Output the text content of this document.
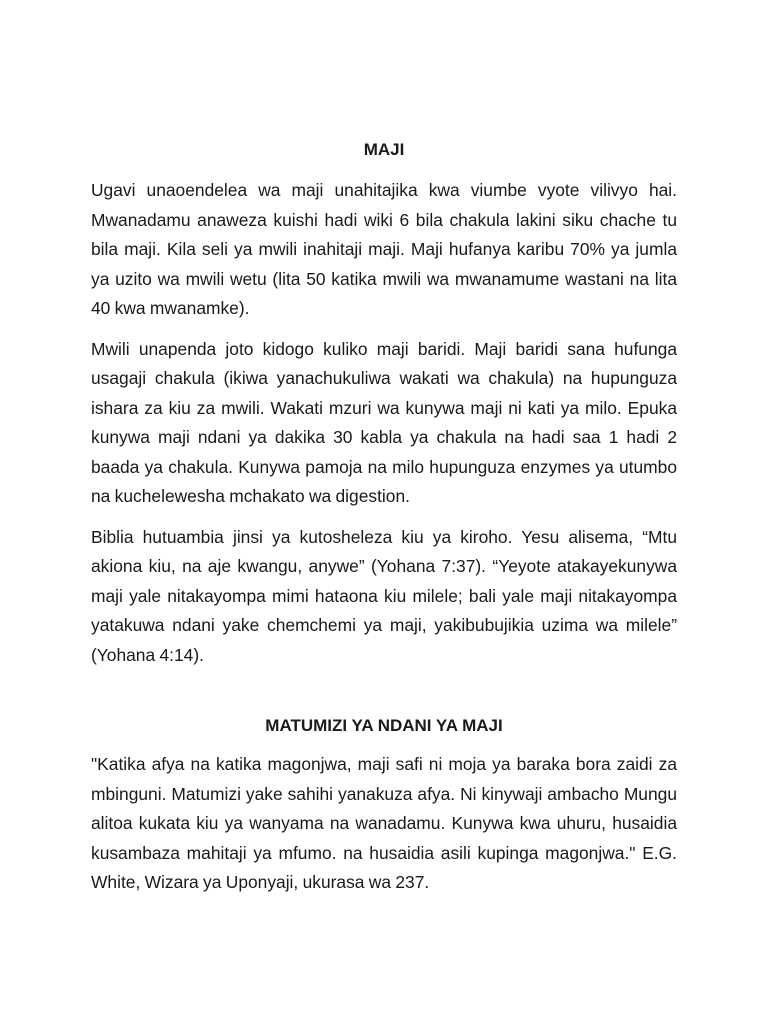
MAJI

Ugavi unaoendelea wa maji unahitajika kwa viumbe vyote vilivyo hai. Mwanadamu anaweza kuishi hadi wiki 6 bila chakula lakini siku chache tu bila maji. Kila seli ya mwili inahitaji maji. Maji hufanya karibu 70% ya jumla ya uzito wa mwili wetu (lita 50 katika mwili wa mwanamume wastani na lita 40 kwa mwanamke).

Mwili unapenda joto kidogo kuliko maji baridi. Maji baridi sana hufunga usagaji chakula (ikiwa yanachukuliwa wakati wa chakula) na hupunguza ishara za kiu za mwili. Wakati mzuri wa kunywa maji ni kati ya milo. Epuka kunywa maji ndani ya dakika 30 kabla ya chakula na hadi saa 1 hadi 2 baada ya chakula. Kunywa pamoja na milo hupunguza enzymes ya utumbo na kuchelewesha mchakato wa digestion.

Biblia hutuambia jinsi ya kutosheleza kiu ya kiroho. Yesu alisema, “Mtu akiona kiu, na aje kwangu, anywe” (Yohana 7:37). “Yeyote atakayekunywa maji yale nitakayompa mimi hataona kiu milele; bali yale maji nitakayompa yatakuwa ndani yake chemchemi ya maji, yakibubujikia uzima wa milele” (Yohana 4:14).

MATUMIZI YA NDANI YA MAJI

"Katika afya na katika magonjwa, maji safi ni moja ya baraka bora zaidi za mbinguni. Matumizi yake sahihi yanakuza afya. Ni kinywaji ambacho Mungu alitoa kukata kiu ya wanyama na wanadamu. Kunywa kwa uhuru, husaidia kusambaza mahitaji ya mfumo. na husaidia asili kupinga magonjwa." E.G. White, Wizara ya Uponyaji, ukurasa wa 237.
